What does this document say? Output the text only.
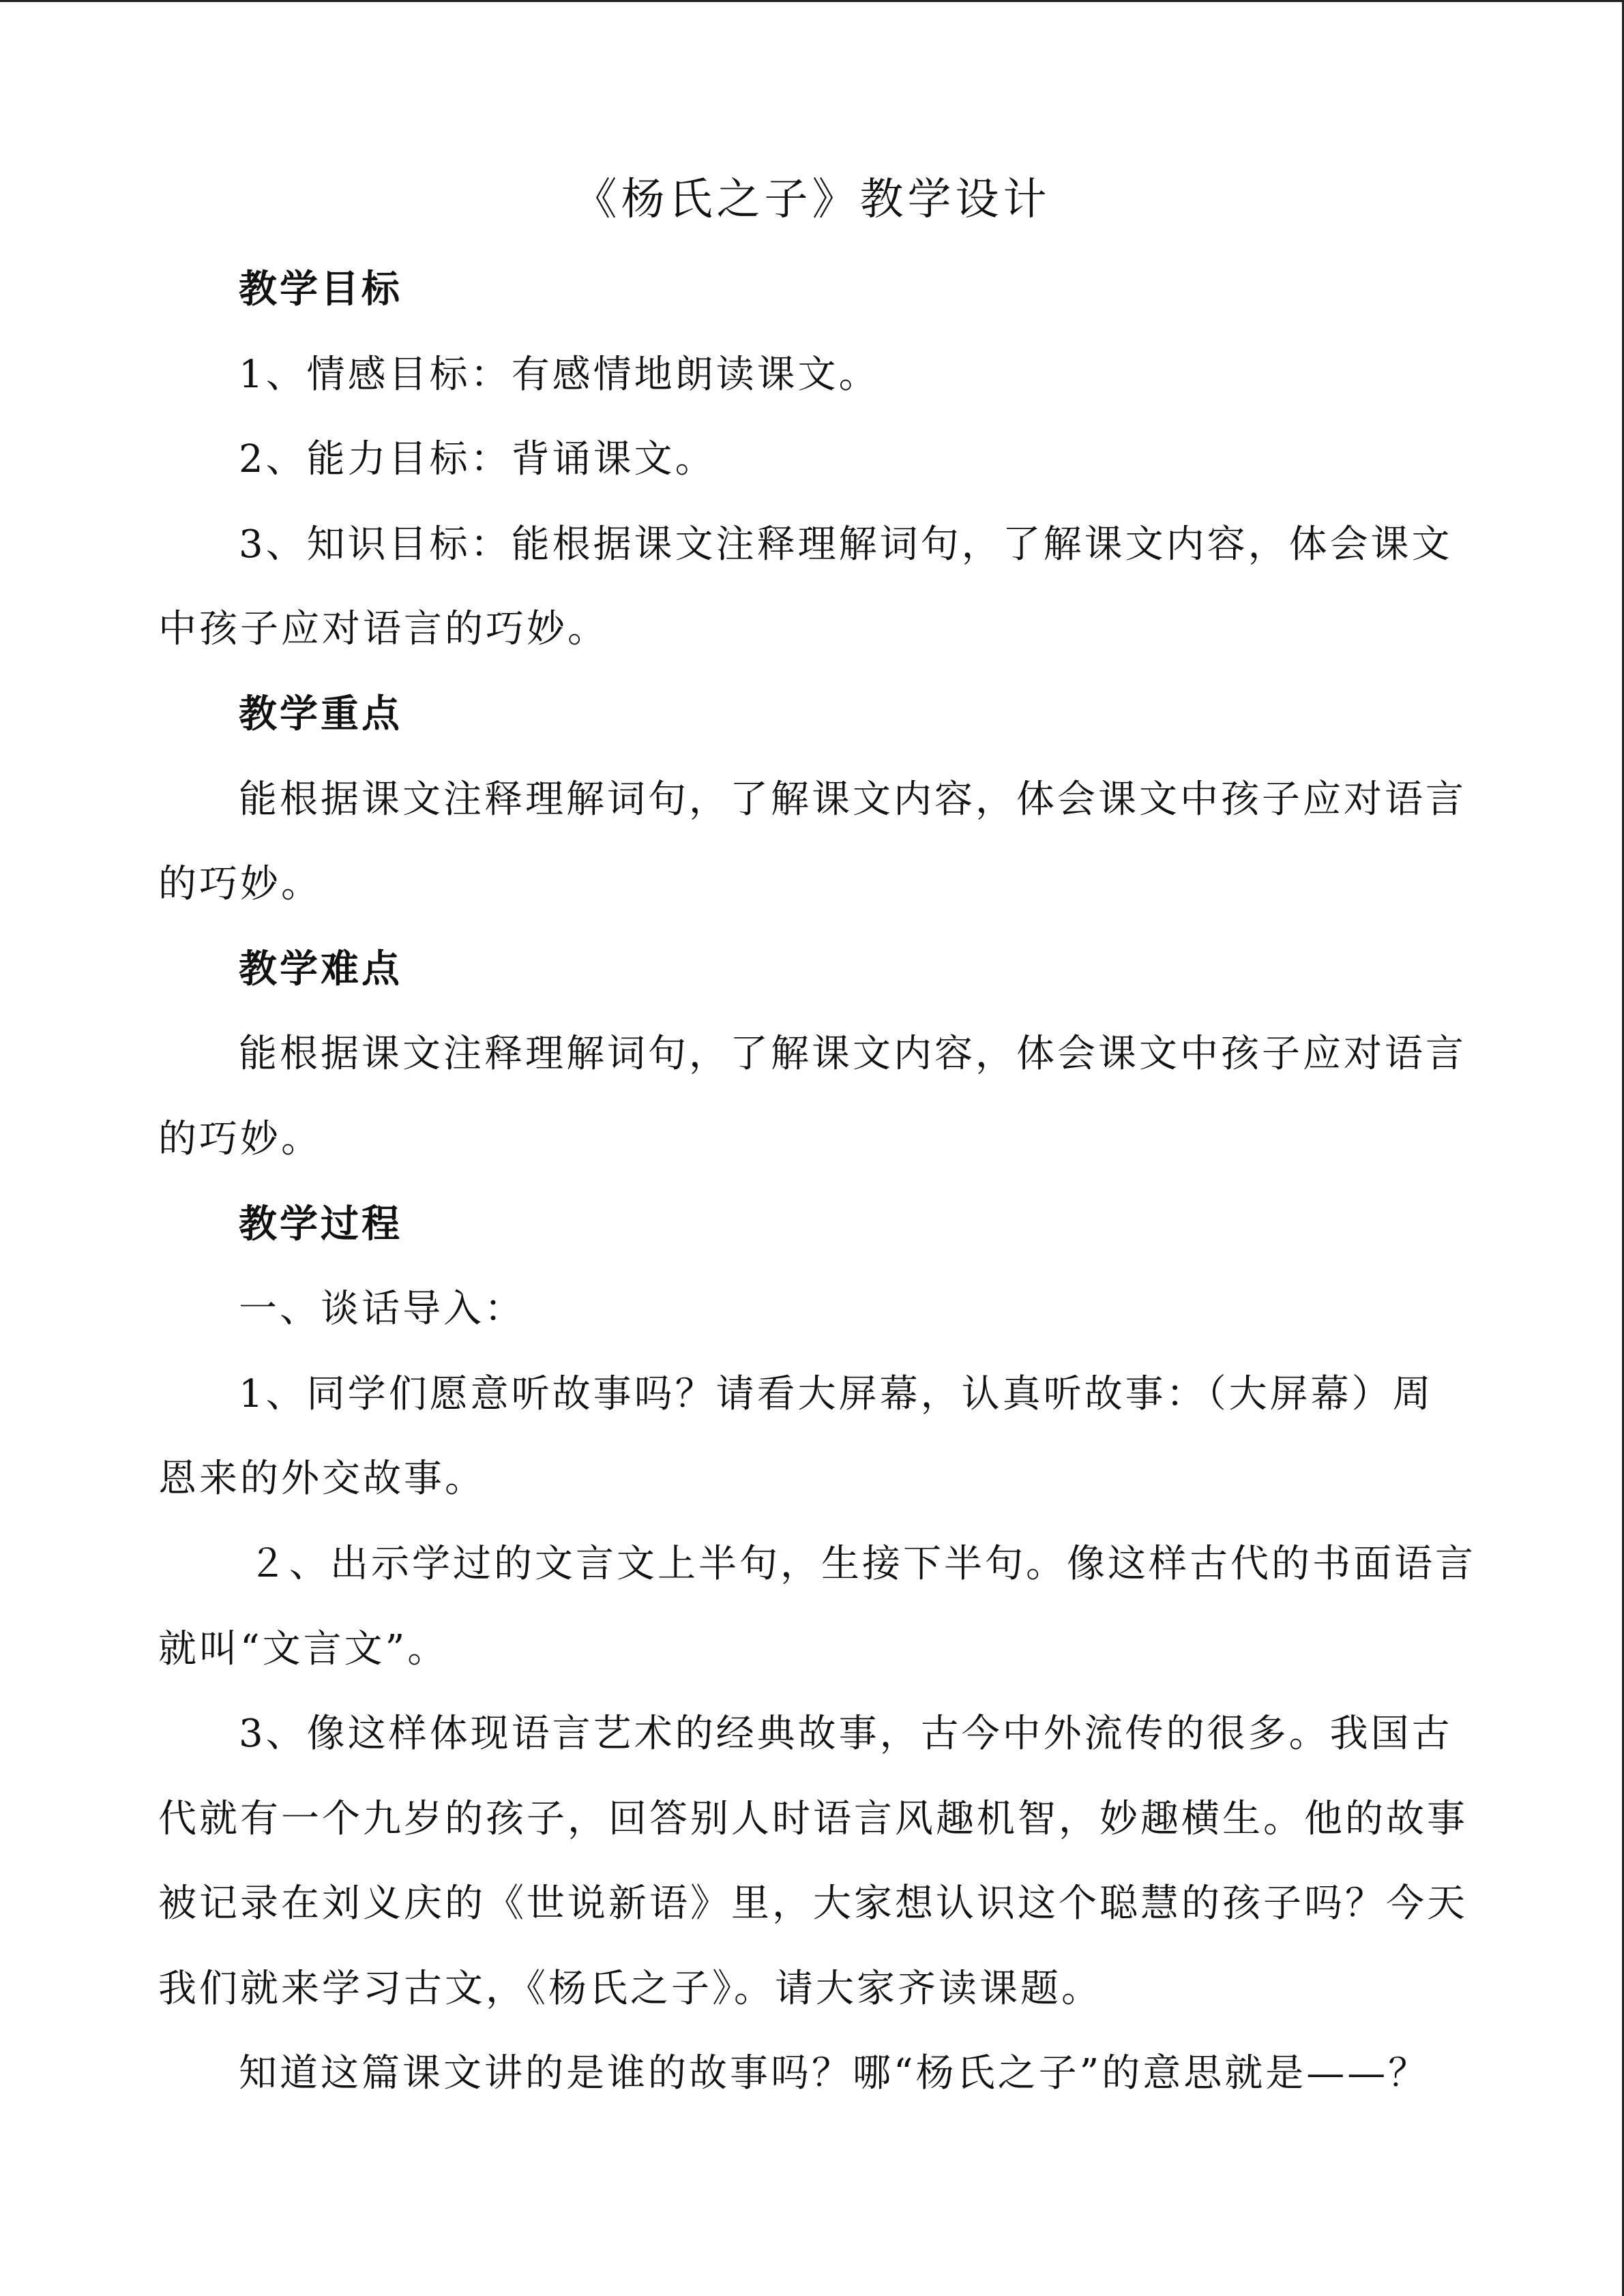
《杨氏之子》教学设计

教学目标

1、情感目标：有感情地朗读课文。

2、能力目标：背诵课文。

3、知识目标：能根据课文注释理解词句，了解课文内容，体会课文

中孩子应对语言的巧妙。

教学重点

能根据课文注释理解词句，了解课文内容，体会课文中孩子应对语言

的巧妙。

教学难点

能根据课文注释理解词句，了解课文内容，体会课文中孩子应对语言

的巧妙。

教学过程

一、谈话导入：

1、同学们愿意听故事吗？请看大屏幕，认真听故事：（大屏幕）周

恩来的外交故事。

２、出示学过的文言文上半句，生接下半句。像这样古代的书面语言

就叫“文言文”。

3、像这样体现语言艺术的经典故事，古今中外流传的很多。我国古

代就有一个九岁的孩子，回答别人时语言风趣机智，妙趣横生。他的故事

被记录在刘义庆的《世说新语》里，大家想认识这个聪慧的孩子吗？今天

我们就来学习古文，《杨氏之子》。请大家齐读课题。

知道这篇课文讲的是谁的故事吗？哪“杨氏之子”的意思就是——？
